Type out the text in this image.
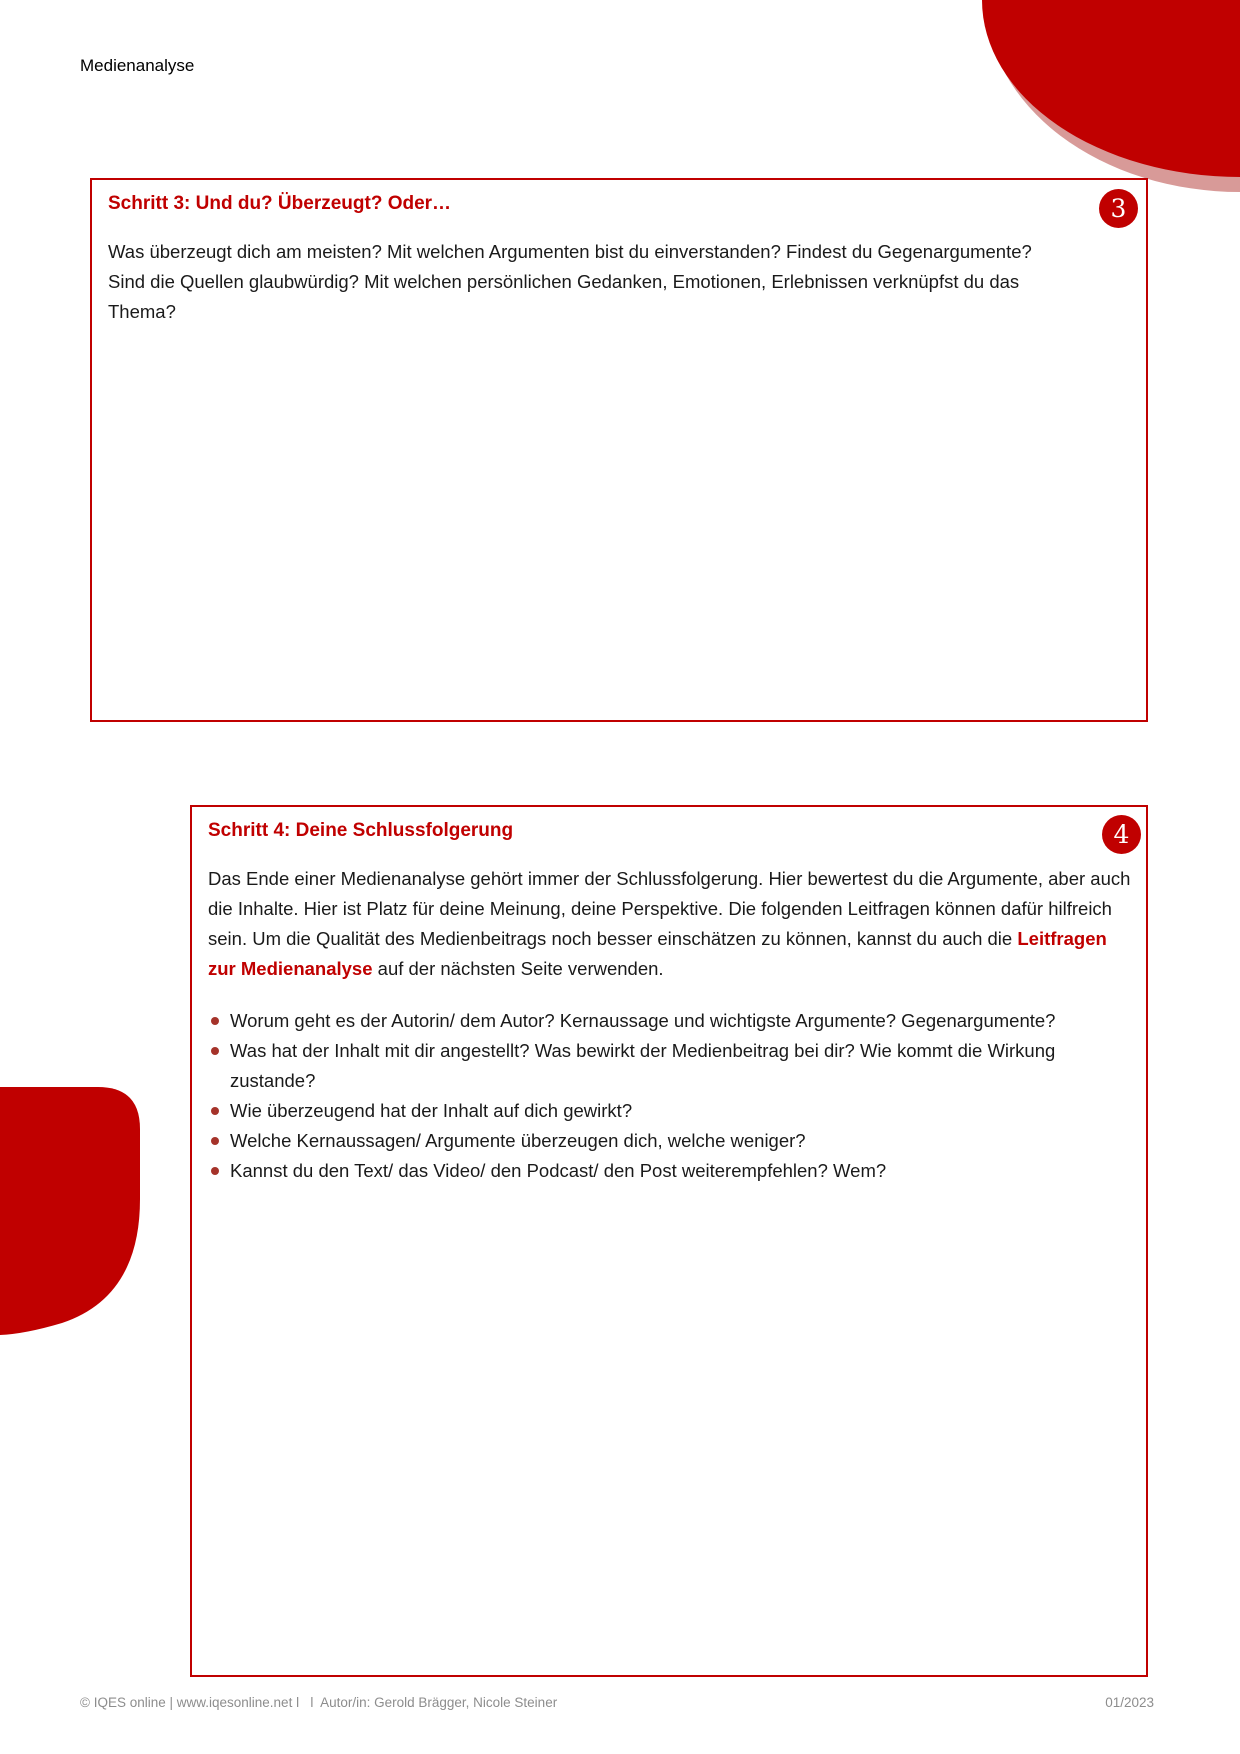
Medienanalyse
3
Schritt 3: Und du? Überzeugt? Oder…

Was überzeugt dich am meisten? Mit welchen Argumenten bist du einverstanden? Findest du Gegenargumente? Sind die Quellen glaubwürdig? Mit welchen persönlichen Gedanken, Emotionen, Erlebnissen verknüpfst du das Thema?

4
Schritt 4: Deine Schlussfolgerung

Das Ende einer Medienanalyse gehört immer der Schlussfolgerung. Hier bewertest du die Argumente, aber auch die Inhalte. Hier ist Platz für deine Meinung, deine Perspektive. Die folgenden Leitfragen können dafür hilfreich sein. Um die Qualität des Medienbeitrags noch besser einschätzen zu können, kannst du auch die Leitfragen zur Medienanalyse auf der nächsten Seite verwenden.

Worum geht es der Autorin/ dem Autor? Kernaussage und wichtigste Argumente? Gegenargumente?
Was hat der Inhalt mit dir angestellt? Was bewirkt der Medienbeitrag bei dir? Wie kommt die Wirkung zustande?
Wie überzeugend hat der Inhalt auf dich gewirkt?
Welche Kernaussagen/ Argumente überzeugen dich, welche weniger?
Kannst du den Text/ das Video/ den Podcast/ den Post weiterempfehlen? Wem?
© IQES online | www.iqesonline.net l   l  Autor/in: Gerold Brägger, Nicole Steiner	01/2023
